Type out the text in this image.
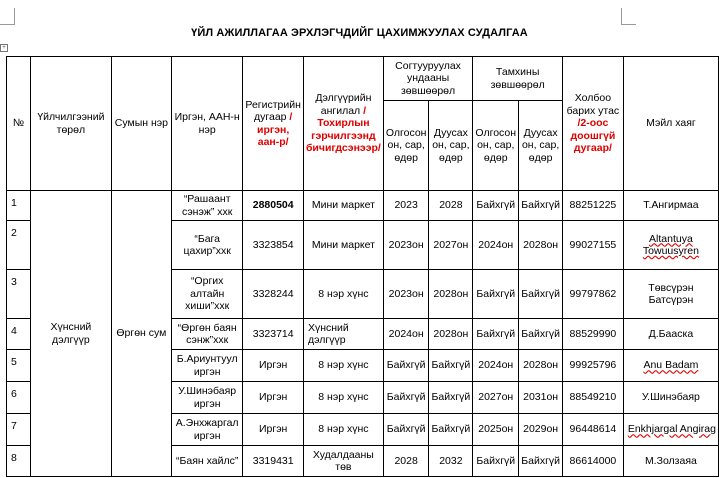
+
ҮЙЛ АЖИЛЛАГАА ЭРХЛЭГЧДИЙГ ЦАХИМЖУУЛАХ СУДАЛГАА
№	Үйлчилгээний төрөл	Сумын нэр	Иргэн, ААН-н нэр	Регистрийн дугаар /иргэн, аан-р/	Дэлгүүрийн ангилал /Тохирлын гэрчилгээнд бичигдсэнээр/	Согтууруулах ундааны зөвшөөрөл		Тамхины зөвшөөрөл		Холбоо барих утас /2-оос доошгүй дугаар/	Мэйл хаяг
						Олгосон он, сар, өдөр	Дуусах он, сар, өдөр	Олгосон он, сар, өдөр	Дуусах он, сар, өдөр		
1	Хүнсний дэлгүүр	Өргөн сум	“Рашаант сэнэж” ххк	2880504	Мини маркет	2023	2028	Байхгүй	Байхгүй	88251225	Т.Ангирмаа
2			“Бага цахир”ххк	3323854	Мини маркет	2023он	2027он	2024он	2028он	99027155	Altantuya Towuusyren
3			“Оргих алтайн хиши”ххк	3328244	8 нэр хүнс	2023он	2028он	Байхгүй	Байхгүй	99797862	Төвсүрэн Батсүрэн
4			“Өргөн баян сэнж”ххк	3323714	Хүнсний дэлгүүр	2024он	2028он	Байхгүй	Байхгүй	88529990	Д.Баacка
5			Б.Ариунтуул иргэн	Иргэн	8 нэр хүнс	Байхгүй	Байхгүй	2024он	2028он	99925796	Anu Badam
6			У.Шинэбаяр иргэн	Иргэн	8 нэр хүнс	Байхгүй	Байхгүй	2027он	2031он	88549210	У.Шинэбаяр
7			А.Энхжаргал иргэн	Иргэн	8 нэр хүнс	Байхгүй	Байхгүй	2025он	2029он	96448614	Enkhjargal Angirag
8			“Баян хайлс”	3319431	Худалдааны төв	2028	2032	Байхгүй	Байхгүй	86614000	М.Золзаяа
